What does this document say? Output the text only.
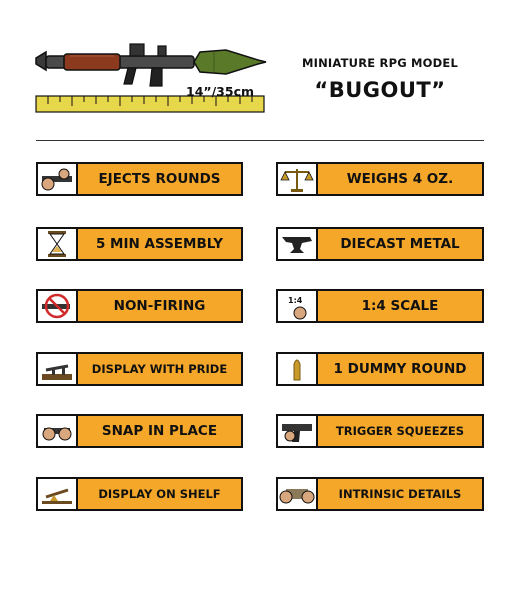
14”/35cm
MINIATURE RPG MODEL
“BUGOUT”
EJECTS ROUNDS	WEIGHS 4 OZ.
5 MIN ASSEMBLY	DIECAST METAL
NON-FIRING	1:4	1:4 SCALE
DISPLAY WITH PRIDE	1 DUMMY ROUND
SNAP IN PLACE	TRIGGER SQUEEZES
DISPLAY ON SHELF	INTRINSIC DETAILS
